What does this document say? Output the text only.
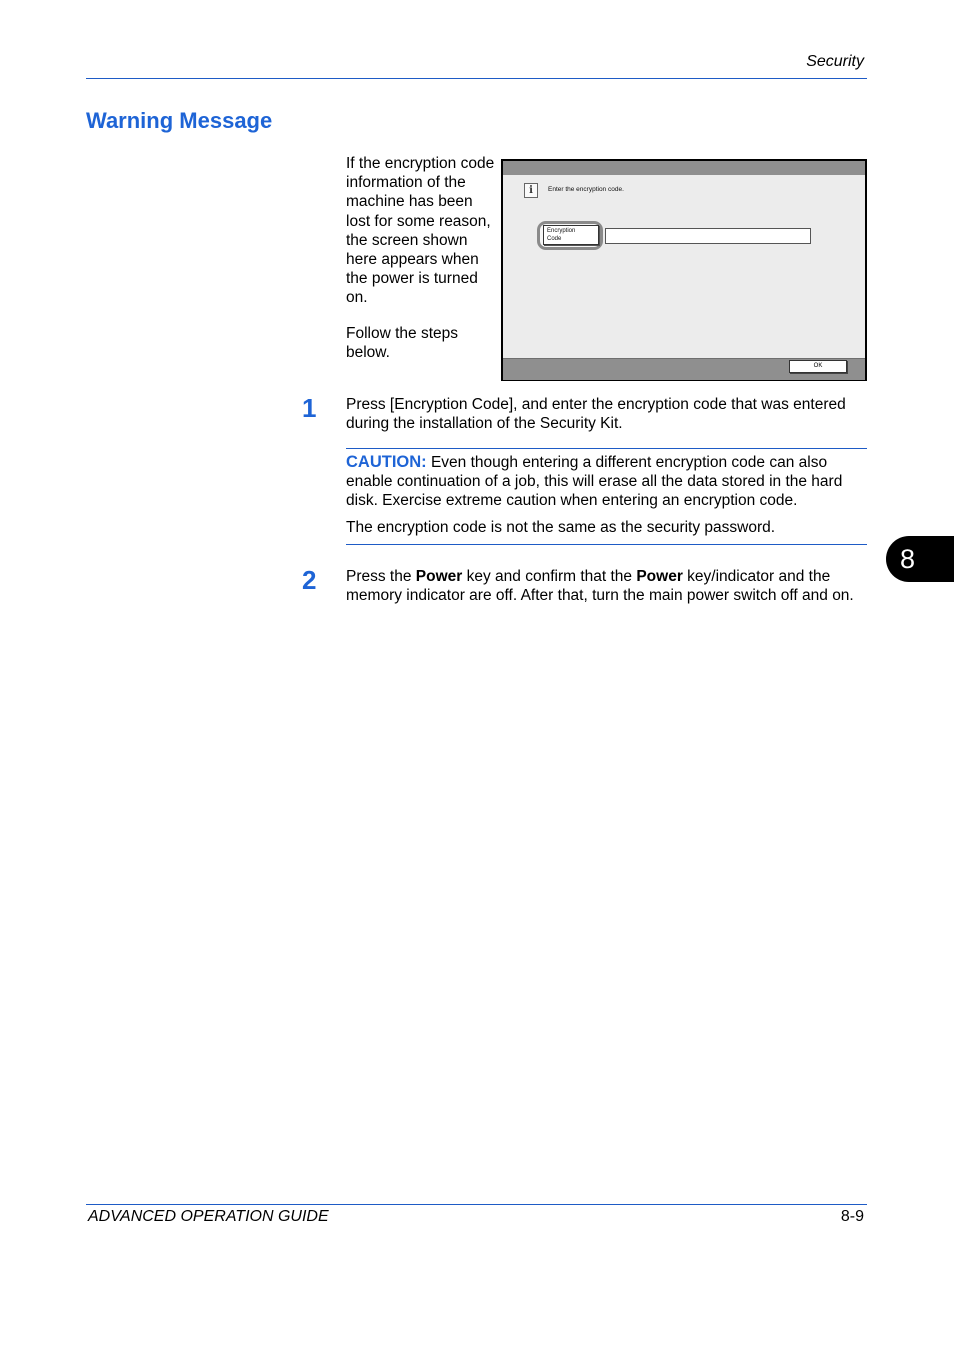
Security
Warning Message
If the encryption code information of the machine has been lost for some reason, the screen shown here appears when the power is turned on.
Follow the steps below.
i	Enter the encryption code.
Encryption
Code
OK
1 Press [Encryption Code], and enter the encryption code that was entered during the installation of the Security Kit.
CAUTION: Even though entering a different encryption code can also enable continuation of a job, this will erase all the data stored in the hard disk. Exercise extreme caution when entering an encryption code.
The encryption code is not the same as the security password.
2 Press the Power key and confirm that the Power key/indicator and the memory indicator are off. After that, turn the main power switch off and on.
8
ADVANCED OPERATION GUIDE	8-9
